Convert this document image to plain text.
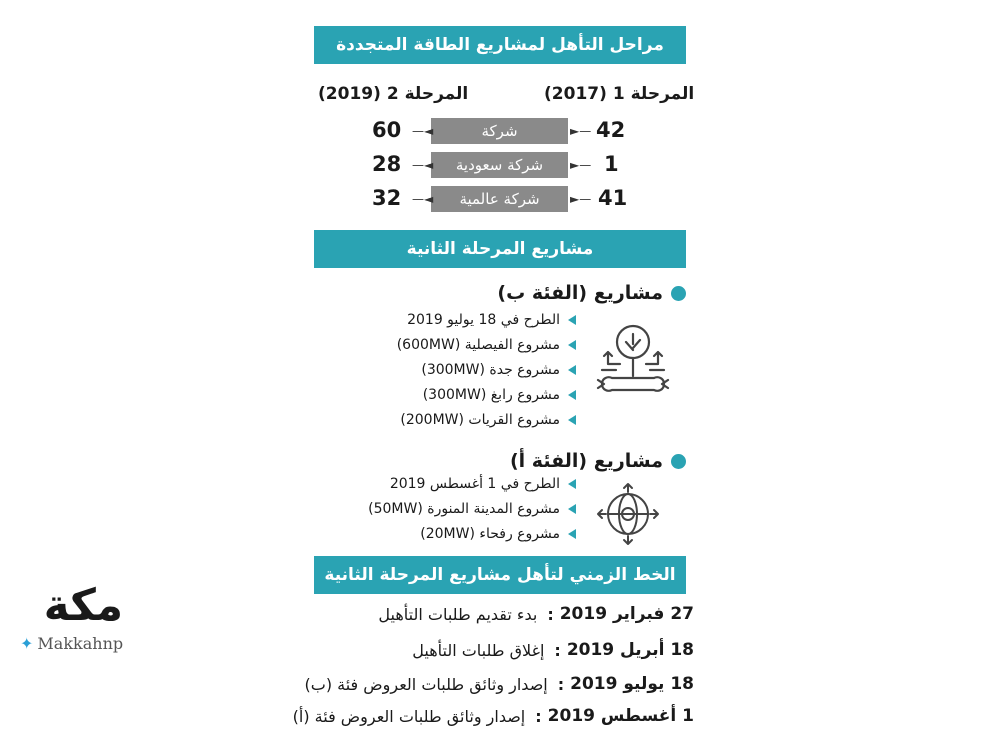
مراحل التأهل لمشاريع الطاقة المتجددة
المرحلة 1 (2017)
المرحلة 2 (2019)
42
►—
شركة
—◄
60
1
►—
شركة سعودية
—◄
28
41
►—
شركة عالمية
—◄
32
مشاريع المرحلة الثانية
مشاريع (الفئة ب)
الطرح في 18 يوليو 2019
مشروع الفيصلية (600MW)
مشروع جدة (300MW)
مشروع رابغ (300MW)
مشروع القريات (200MW)
مشاريع (الفئة أ)
الطرح في 1 أغسطس 2019
مشروع المدينة المنورة (50MW)
مشروع رفحاء (20MW)
الخط الزمني لتأهل مشاريع المرحلة الثانية
27 فبراير 2019
:
بدء تقديم طلبات التأهيل
18 أبريل 2019
:
إغلاق طلبات التأهيل
18 يوليو 2019
:
إصدار وثائق طلبات العروض فئة (ب)
1 أغسطس 2019
:
إصدار وثائق طلبات العروض فئة (أ)
مكة
✦ Makkahnp
